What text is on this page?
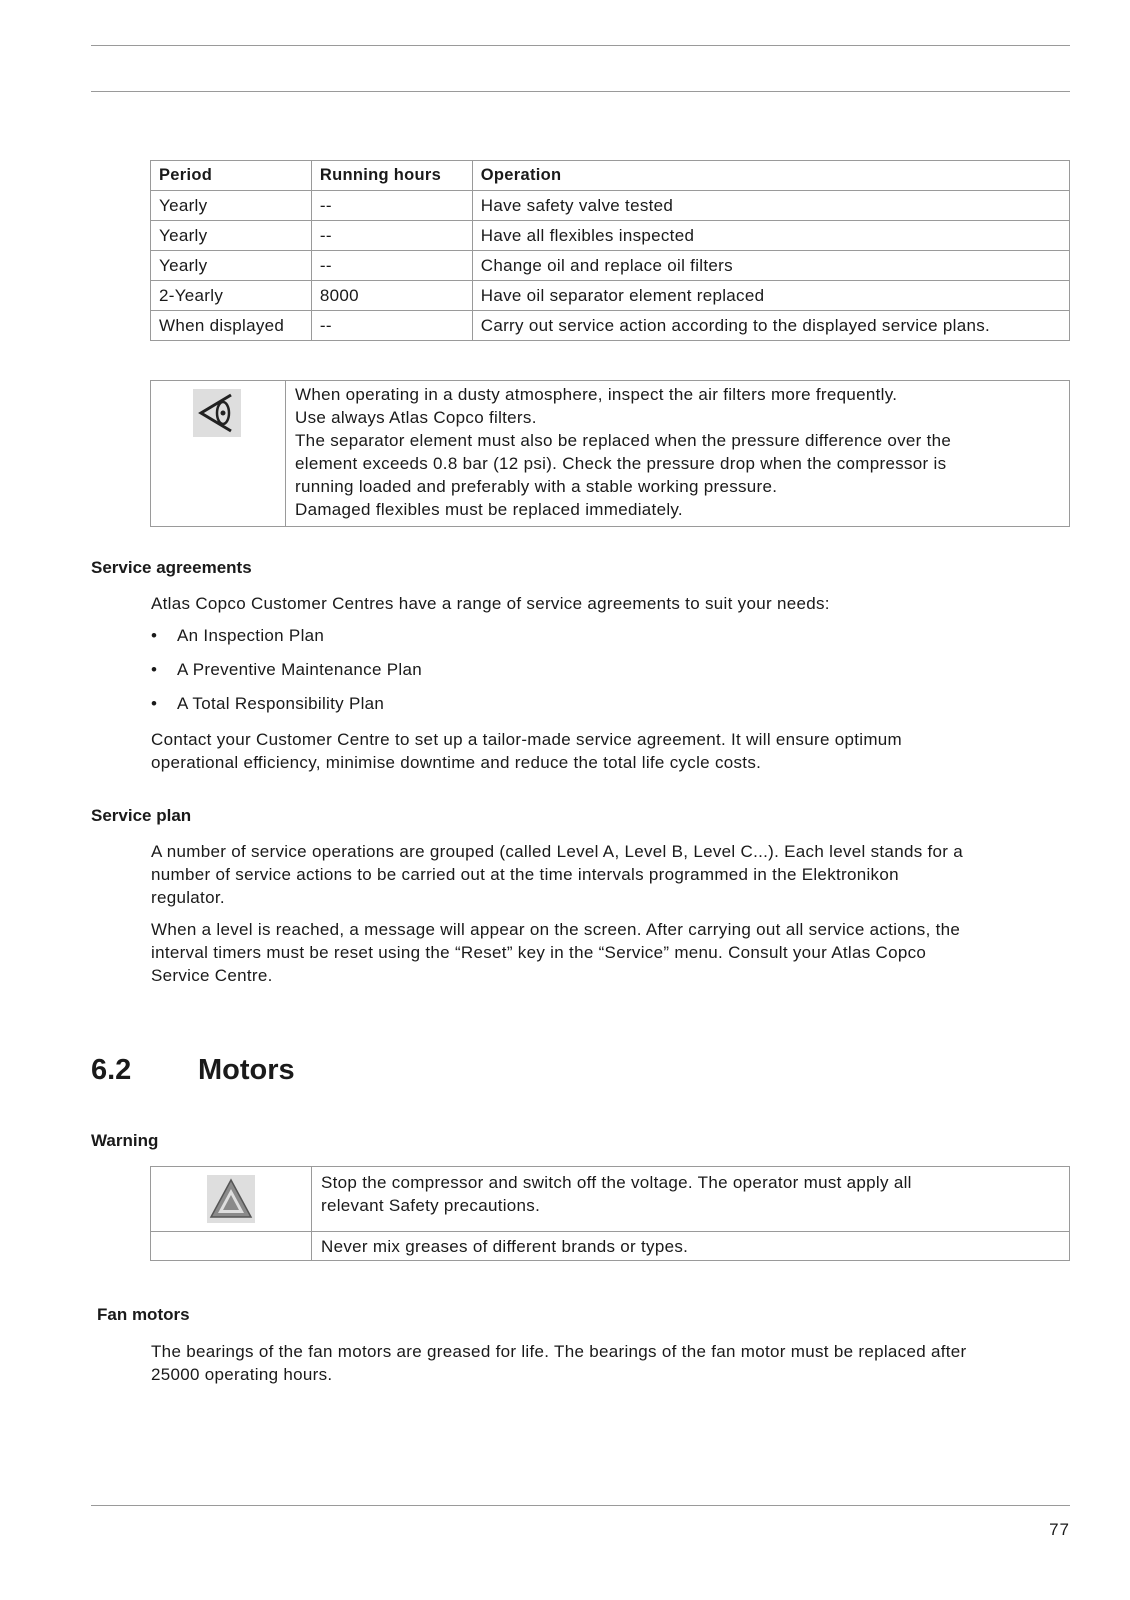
Period	Running hours	Operation
Yearly	--	Have safety valve tested
Yearly	--	Have all flexibles inspected
Yearly	--	Change oil and replace oil filters
2-Yearly	8000	Have oil separator element replaced
When displayed	--	Carry out service action according to the displayed service plans.
When operating in a dusty atmosphere, inspect the air filters more frequently.
Use always Atlas Copco filters.
The separator element must also be replaced when the pressure difference over the
element exceeds 0.8 bar (12 psi). Check the pressure drop when the compressor is
running loaded and preferably with a stable working pressure.
Damaged flexibles must be replaced immediately.
Service agreements
Atlas Copco Customer Centres have a range of service agreements to suit your needs:
• An Inspection Plan
• A Preventive Maintenance Plan
• A Total Responsibility Plan
Contact your Customer Centre to set up a tailor-made service agreement. It will ensure optimum
operational efficiency, minimise downtime and reduce the total life cycle costs.
Service plan
A number of service operations are grouped (called Level A, Level B, Level C...). Each level stands for a
number of service actions to be carried out at the time intervals programmed in the Elektronikon
regulator.
When a level is reached, a message will appear on the screen. After carrying out all service actions, the
interval timers must be reset using the “Reset” key in the “Service” menu. Consult your Atlas Copco
Service Centre.
6.2 Motors
Warning
Stop the compressor and switch off the voltage. The operator must apply all
relevant Safety precautions.
Never mix greases of different brands or types.
Fan motors
The bearings of the fan motors are greased for life. The bearings of the fan motor must be replaced after
25000 operating hours.
77
